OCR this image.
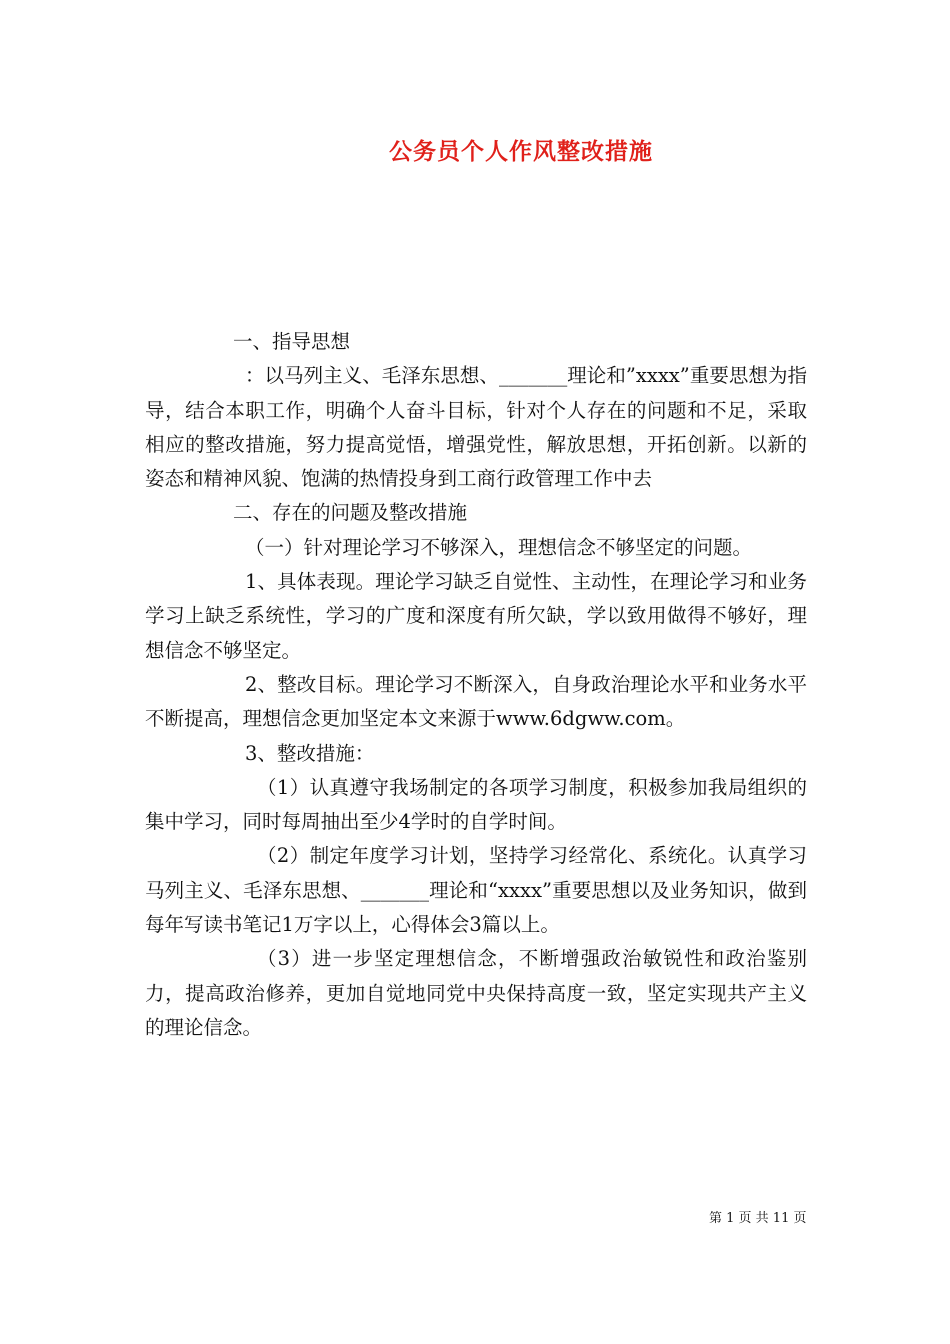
公务员个人作风整改措施

一、指导思想

：以马列主义、毛泽东思想、_______理论和”xxxx”重要思想为指导，结合本职工作，明确个人奋斗目标，针对个人存在的问题和不足，采取相应的整改措施，努力提高觉悟，增强党性，解放思想，开拓创新。以新的姿态和精神风貌、饱满的热情投身到工商行政管理工作中去

二、存在的问题及整改措施

（一）针对理论学习不够深入，理想信念不够坚定的问题。

1、具体表现。理论学习缺乏自觉性、主动性，在理论学习和业务学习上缺乏系统性，学习的广度和深度有所欠缺，学以致用做得不够好，理想信念不够坚定。

2、整改目标。理论学习不断深入，自身政治理论水平和业务水平不断提高，理想信念更加坚定本文来源于www.6dgww.com。

3、整改措施：

（1）认真遵守我场制定的各项学习制度，积极参加我局组织的集中学习，同时每周抽出至少4学时的自学时间。

（2）制定年度学习计划，坚持学习经常化、系统化。认真学习马列主义、毛泽东思想、_______理论和“xxxx”重要思想以及业务知识，做到每年写读书笔记1万字以上，心得体会3篇以上。

（3）进一步坚定理想信念，不断增强政治敏锐性和政治鉴别力，提高政治修养，更加自觉地同党中央保持高度一致，坚定实现共产主义的理论信念。

第 1 页 共 11 页
